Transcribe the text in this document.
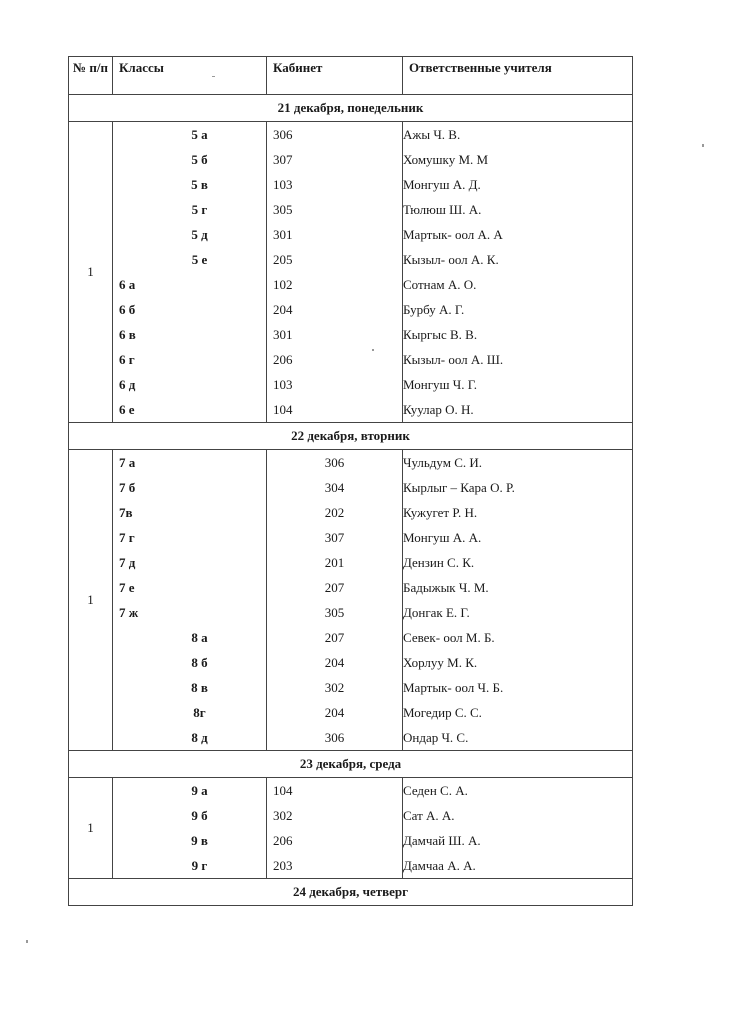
№ п/п	Классы	Кабинет	Ответственные учителя
21 декабря, понедельник			
1	5 а	306	Ажы Ч. В.
	5 б	307	Хомушку М. М
	5 в	103	Монгуш А. Д.
	5 г	305	Тюлюш Ш. А.
	5 д	301	Мартык- оол А. А
	5 е	205	Кызыл- оол А. К.
	6 а	102	Сотнам А. О.
	6 б	204	Бурбу А. Г.
	6 в	301	Кыргыс В. В.
	6 г	206	Кызыл- оол А. Ш.
	6 д	103	Монгуш Ч. Г.
	6 е	104	Куулар О. Н.
22 декабря, вторник			
1	7 а	306	Чульдум С. И.
	7 б	304	Кырлыг – Кара О. Р.
	7в	202	Кужугет Р. Н.
	7 г	307	Монгуш А. А.
	7 д	201	Дензин С. К.
	7 е	207	Бадыжык Ч. М.
	7 ж	305	Донгак Е. Г.
	8 а	207	Севек- оол М. Б.
	8 б	204	Хорлуу М. К.
	8 в	302	Мартык- оол Ч. Б.
	8г	204	Могедир С. С.
	8 д	306	Ондар Ч. С.
23 декабря, среда			
1	9 а	104	Седен С. А.
	9 б	302	Сат А. А.
	9 в	206	Дамчай Ш. А.
	9 г	203	Дамчаа А. А.
24 декабря, четверг			
